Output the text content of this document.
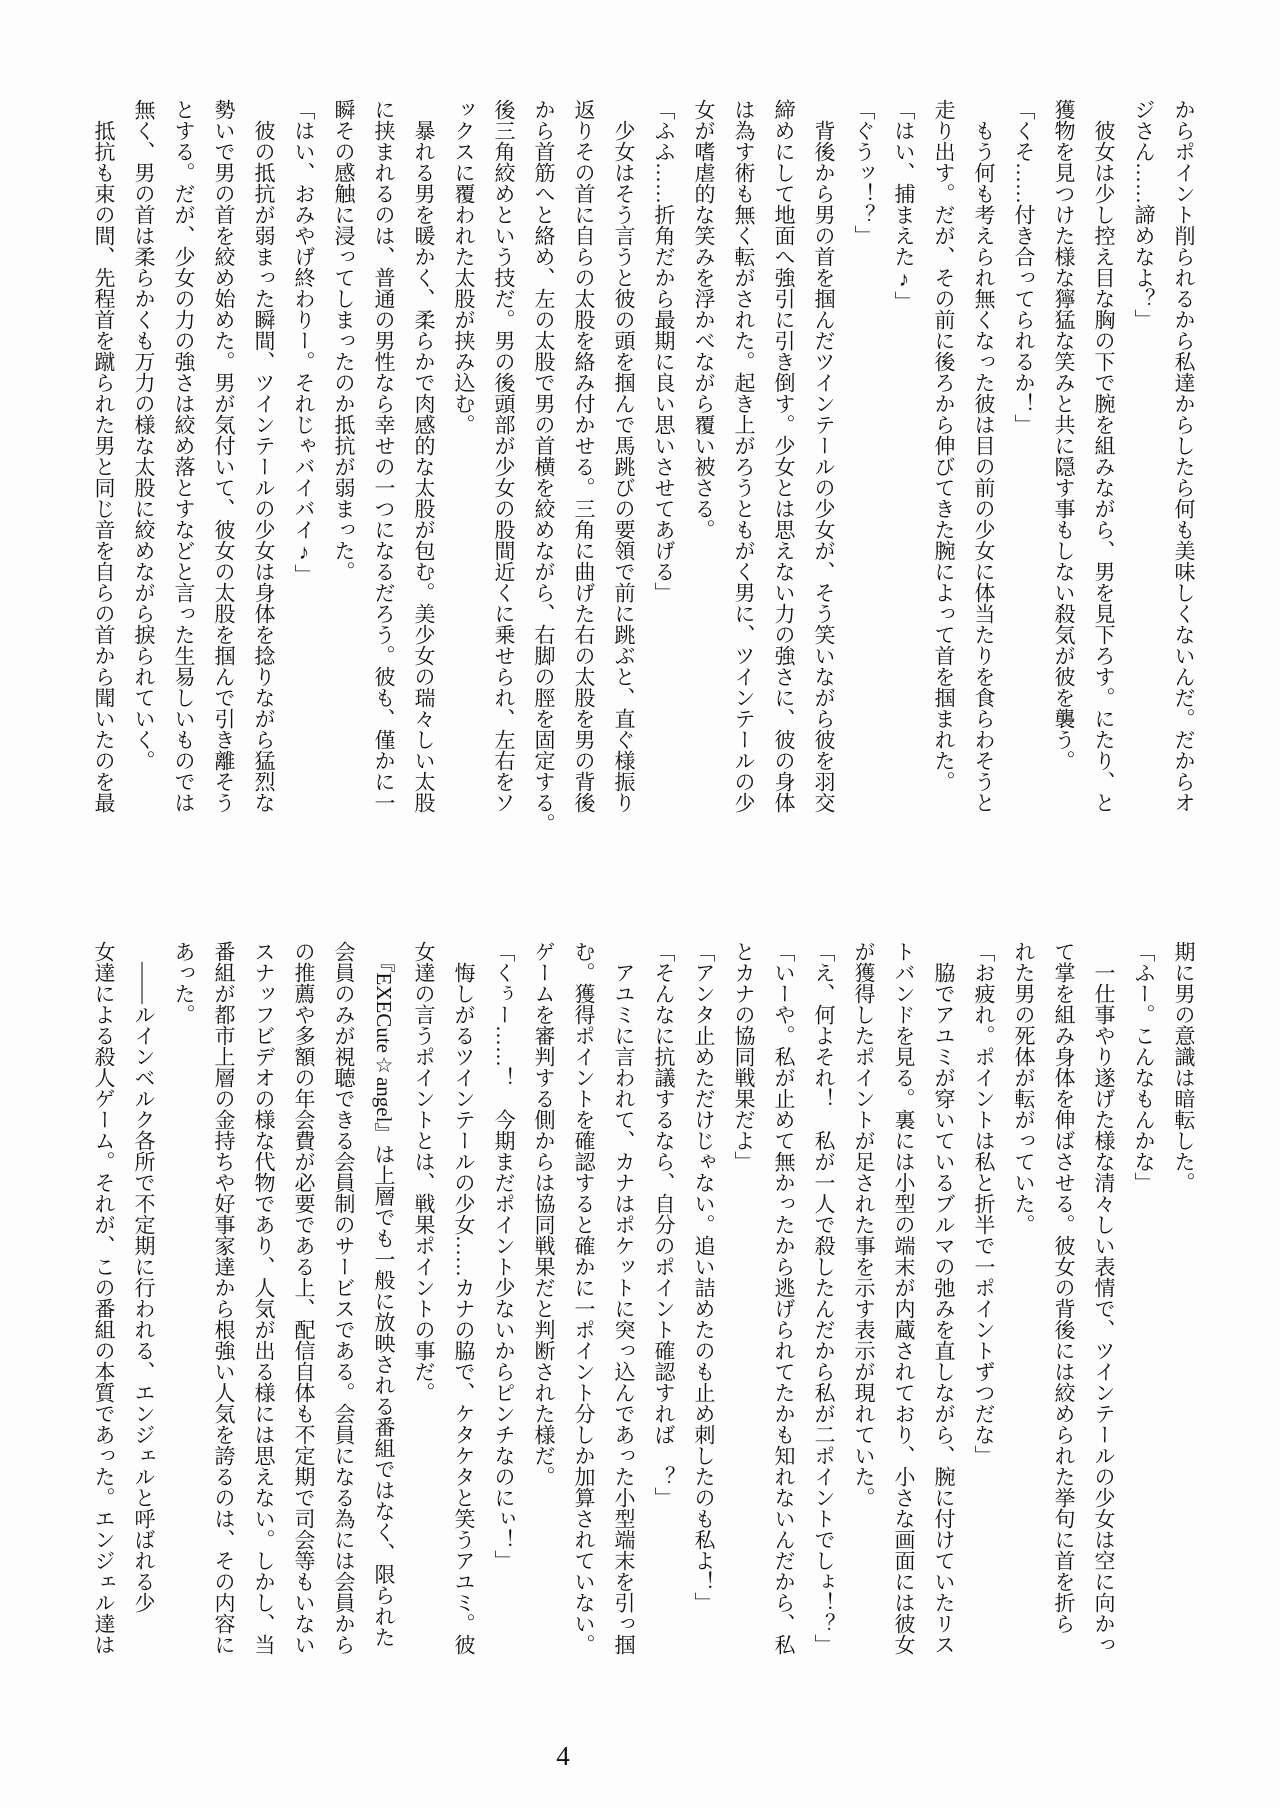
からポイント削られるから私達からしたら何も美味しくないんだ。だからオ
ジさん……諦めなよ？」
　彼女は少し控え目な胸の下で腕を組みながら、男を見下ろす。にたり、と
獲物を見つけた様な獰猛な笑みと共に隠す事もしない殺気が彼を襲う。
「くそ……付き合ってられるか！」
　もう何も考えられ無くなった彼は目の前の少女に体当たりを食らわそうと
走り出す。だが、その前に後ろから伸びてきた腕によって首を掴まれた。
「はい、捕まえた♪」
「ぐうッ！？」
　背後から男の首を掴んだツインテールの少女が、そう笑いながら彼を羽交
締めにして地面へ強引に引き倒す。少女とは思えない力の強さに、彼の身体
は為す術も無く転がされた。起き上がろうともがく男に、ツインテールの少
女が嗜虐的な笑みを浮かべながら覆い被さる。
「ふふ……折角だから最期に良い思いさせてあげる」
　少女はそう言うと彼の頭を掴んで馬跳びの要領で前に跳ぶと、直ぐ様振り
返りその首に自らの太股を絡み付かせる。三角に曲げた右の太股を男の背後
から首筋へと絡め、左の太股で男の首横を絞めながら、右脚の脛を固定する。
後三角絞めという技だ。男の後頭部が少女の股間近くに乗せられ、左右をソ
ックスに覆われた太股が挟み込む。
　暴れる男を暖かく、柔らかで肉感的な太股が包む。美少女の瑞々しい太股
に挟まれるのは、普通の男性なら幸せの一つになるだろう。彼も、僅かに一
瞬その感触に浸ってしまったのか抵抗が弱まった。
「はい、おみやげ終わりー。それじゃバイバイ♪」
　彼の抵抗が弱まった瞬間、ツインテールの少女は身体を捻りながら猛烈な
勢いで男の首を絞め始めた。男が気付いて、彼女の太股を掴んで引き離そう
とする。だが、少女の力の強さは絞め落とすなどと言った生易しいものでは
無く、男の首は柔らかくも万力の様な太股に絞めながら捩られていく。
　抵抗も束の間、先程首を蹴られた男と同じ音を自らの首から聞いたのを最
期に男の意識は暗転した。
「ふー。こんなもんかな」
　一仕事やり遂げた様な清々しい表情で、ツインテールの少女は空に向かっ
て掌を組み身体を伸ばさせる。彼女の背後には絞められた挙句に首を折ら
れた男の死体が転がっていた。
「お疲れ。ポイントは私と折半で一ポイントずつだな」
　脇でアユミが穿いているブルマの弛みを直しながら、腕に付けていたリス
トバンドを見る。裏には小型の端末が内蔵されており、小さな画面には彼女
が獲得したポイントが足された事を示す表示が現れていた。
「え、何よそれ！　私が一人で殺したんだから私が二ポイントでしょ！？」
「いーや。私が止めて無かったから逃げられてたかも知れないんだから、私
とカナの協同戦果だよ」
「アンタ止めただけじゃない。追い詰めたのも止め刺したのも私よ！」
「そんなに抗議するなら、自分のポイント確認すれば　？」
　アユミに言われて、カナはポケットに突っ込んであった小型端末を引っ掴
む。獲得ポイントを確認すると確かに一ポイント分しか加算されていない。
ゲームを審判する側からは協同戦果だと判断された様だ。
「くぅー……！　今期まだポイント少ないからピンチなのにぃ！」
　悔しがるツインテールの少女……カナの脇で、ケタケタと笑うアユミ。彼
女達の言うポイントとは、戦果ポイントの事だ。
　『EXECute☆angel』は上層でも一般に放映される番組ではなく、限られた
会員のみが視聴できる会員制のサービスである。会員になる為には会員から
の推薦や多額の年会費が必要である上、配信自体も不定期で司会等もいない
スナッフビデオの様な代物であり、人気が出る様には思えない。しかし、当
番組が都市上層の金持ちや好事家達から根強い人気を誇るのは、その内容に
あった。
　――ルインベルク各所で不定期に行われる、エンジェルと呼ばれる少
女達による殺人ゲーム。それが、この番組の本質であった。エンジェル達は
4
